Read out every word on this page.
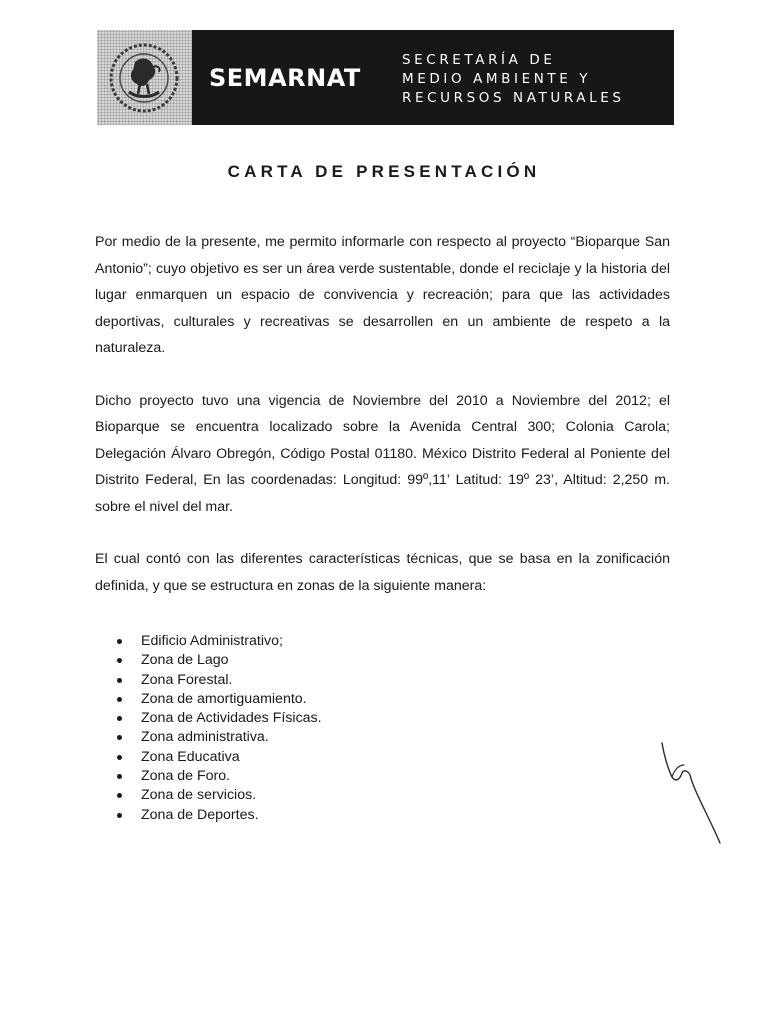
SEMARNAT
SECRETARÍA DE
MEDIO AMBIENTE Y
RECURSOS NATURALES
CARTA DE PRESENTACIÓN

Por medio de la presente, me permito informarle con respecto al proyecto “Bioparque San Antonio”; cuyo objetivo es ser un área verde sustentable, donde el reciclaje y la historia del lugar enmarquen un espacio de convivencia y recreación; para que las actividades deportivas, culturales y recreativas se desarrollen en un ambiente de respeto a la naturaleza.

Dicho proyecto tuvo una vigencia de Noviembre del 2010 a Noviembre del 2012; el Bioparque se encuentra localizado sobre la Avenida Central 300; Colonia Carola; Delegación Álvaro Obregón, Código Postal 01180. México Distrito Federal al Poniente del Distrito Federal, En las coordenadas: Longitud: 99º,11’ Latitud: 19º 23’, Altitud: 2,250 m. sobre el nivel del mar.

El cual contó con las diferentes características técnicas, que se basa en la zonificación definida, y que se estructura en zonas de la siguiente manera:

Edificio Administrativo;
Zona de Lago
Zona Forestal.
Zona de amortiguamiento.
Zona de Actividades Físicas.
Zona administrativa.
Zona Educativa
Zona de Foro.
Zona de servicios.
Zona de Deportes.
